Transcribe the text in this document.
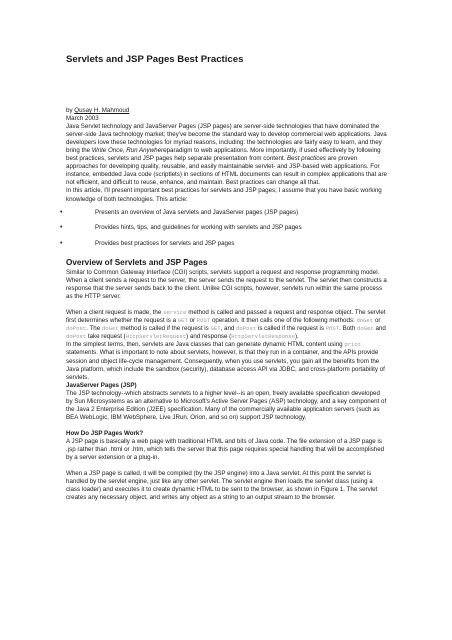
Servlets and JSP Pages Best Practices

by Qusay H. Mahmoud

March 2003

Java Servlet technology and JavaServer Pages (JSP pages) are server-side technologies that have dominated the server-side Java technology market; they've become the standard way to develop commercial web applications. Java developers love these technologies for myriad reasons, including: the technologies are fairly easy to learn, and they bring the Write Once, Run Anywhereparadigm to web applications. More importantly, if used effectively by following best practices, servlets and JSP pages help separate presentation from content. Best practices are proven approaches for developing quality, reusable, and easily maintainable servlet- and JSP-based web applications. For instance, embedded Java code (scriptlets) in sections of HTML documents can result in complex applications that are not efficient, and difficult to reuse, enhance, and maintain. Best practices can change all that.

In this article, I'll present important best practices for servlets and JSP pages; I assume that you have basic working knowledge of both technologies. This article:

•	Presents an overview of Java servlets and JavaServer pages (JSP pages)
•	Provides hints, tips, and guidelines for working with servlets and JSP pages
•	Provides best practices for servlets and JSP pages
Overview of Servlets and JSP Pages

Similar to Common Gateway Interface (CGI) scripts, servlets support a request and response programming model. When a client sends a request to the server, the server sends the request to the servlet. The servlet then constructs a response that the server sends back to the client. Unlike CGI scripts, however, servlets run within the same process as the HTTP server.

When a client request is made, the service method is called and passed a request and response object. The servlet first determines whether the request is a GET or POST operation. It then calls one of the following methods: doGet or doPost. The doGet method is called if the request is GET, and doPost is called if the request is POST. Both doGet and doPost take request (HttpServletRequest) and response (HttpServletResponse).

In the simplest terms, then, servlets are Java classes that can generate dynamic HTML content using print statements. What is important to note about servlets, however, is that they run in a container, and the APIs provide session and object life-cycle management. Consequently, when you use servlets, you gain all the benefits from the Java platform, which include the sandbox (security), database access API via JDBC, and cross-platform portability of servlets.

JavaServer Pages (JSP)

The JSP technology--which abstracts servlets to a higher level--is an open, freely available specification developed by Sun Microsystems as an alternative to Microsoft's Active Server Pages (ASP) technology, and a key component of the Java 2 Enterprise Edition (J2EE) specification. Many of the commercially available application servers (such as BEA WebLogic, IBM WebSphere, Live JRun, Orion, and so on) support JSP technology.

How Do JSP Pages Work?

A JSP page is basically a web page with traditional HTML and bits of Java code. The file extension of a JSP page is .jsp rather than .html or .htm, which tells the server that this page requires special handling that will be accomplished by a server extension or a plug-in.

When a JSP page is called, it will be compiled (by the JSP engine) into a Java servlet. At this point the servlet is handled by the servlet engine, just like any other servlet. The servlet engine then loads the servlet class (using a class loader) and executes it to create dynamic HTML to be sent to the browser, as shown in Figure 1. The servlet creates any necessary object, and writes any object as a string to an output stream to the browser.
